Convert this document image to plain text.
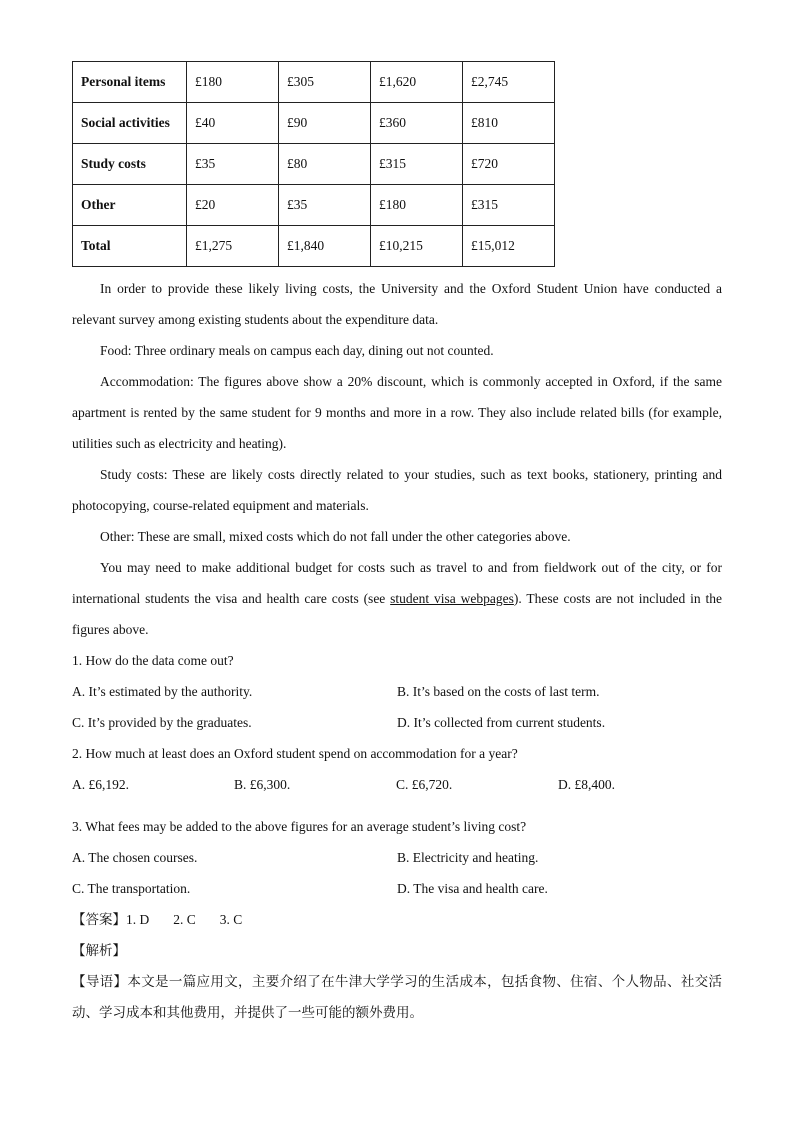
Personal items	£180	£305	£1,620	£2,745
Social activities	£40	£90	£360	£810
Study costs	£35	£80	£315	£720
Other	£20	£35	£180	£315
Total	£1,275	£1,840	£10,215	£15,012

In order to provide these likely living costs, the University and the Oxford Student Union have conducted a relevant survey among existing students about the expenditure data.

Food: Three ordinary meals on campus each day, dining out not counted.

Accommodation: The figures above show a 20% discount, which is commonly accepted in Oxford, if the same apartment is rented by the same student for 9 months and more in a row. They also include related bills (for example, utilities such as electricity and heating).

Study costs: These are likely costs directly related to your studies, such as text books, stationery, printing and photocopying, course-related equipment and materials.

Other: These are small, mixed costs which do not fall under the other categories above.

You may need to make additional budget for costs such as travel to and from fieldwork out of the city, or for international students the visa and health care costs (see student visa webpages). These costs are not included in the figures above.

1. How do the data come out?

A. It’s estimated by the authority.	B. It’s based on the costs of last term.
C. It’s provided by the graduates.	D. It’s collected from current students.

2. How much at least does an Oxford student spend on accommodation for a year?

A. £6,192.	B. £6,300.	C. £6,720.	D. £8,400.

3. What fees may be added to the above figures for an average student’s living cost?

A. The chosen courses.	B. Electricity and heating.
C. The transportation.	D. The visa and health care.

【答案】1. D 2. C 3. C

【解析】

【导语】本文是一篇应用文，主要介绍了在牛津大学学习的生活成本，包括食物、住宿、个人物品、社交活动、学习成本和其他费用，并提供了一些可能的额外费用。
